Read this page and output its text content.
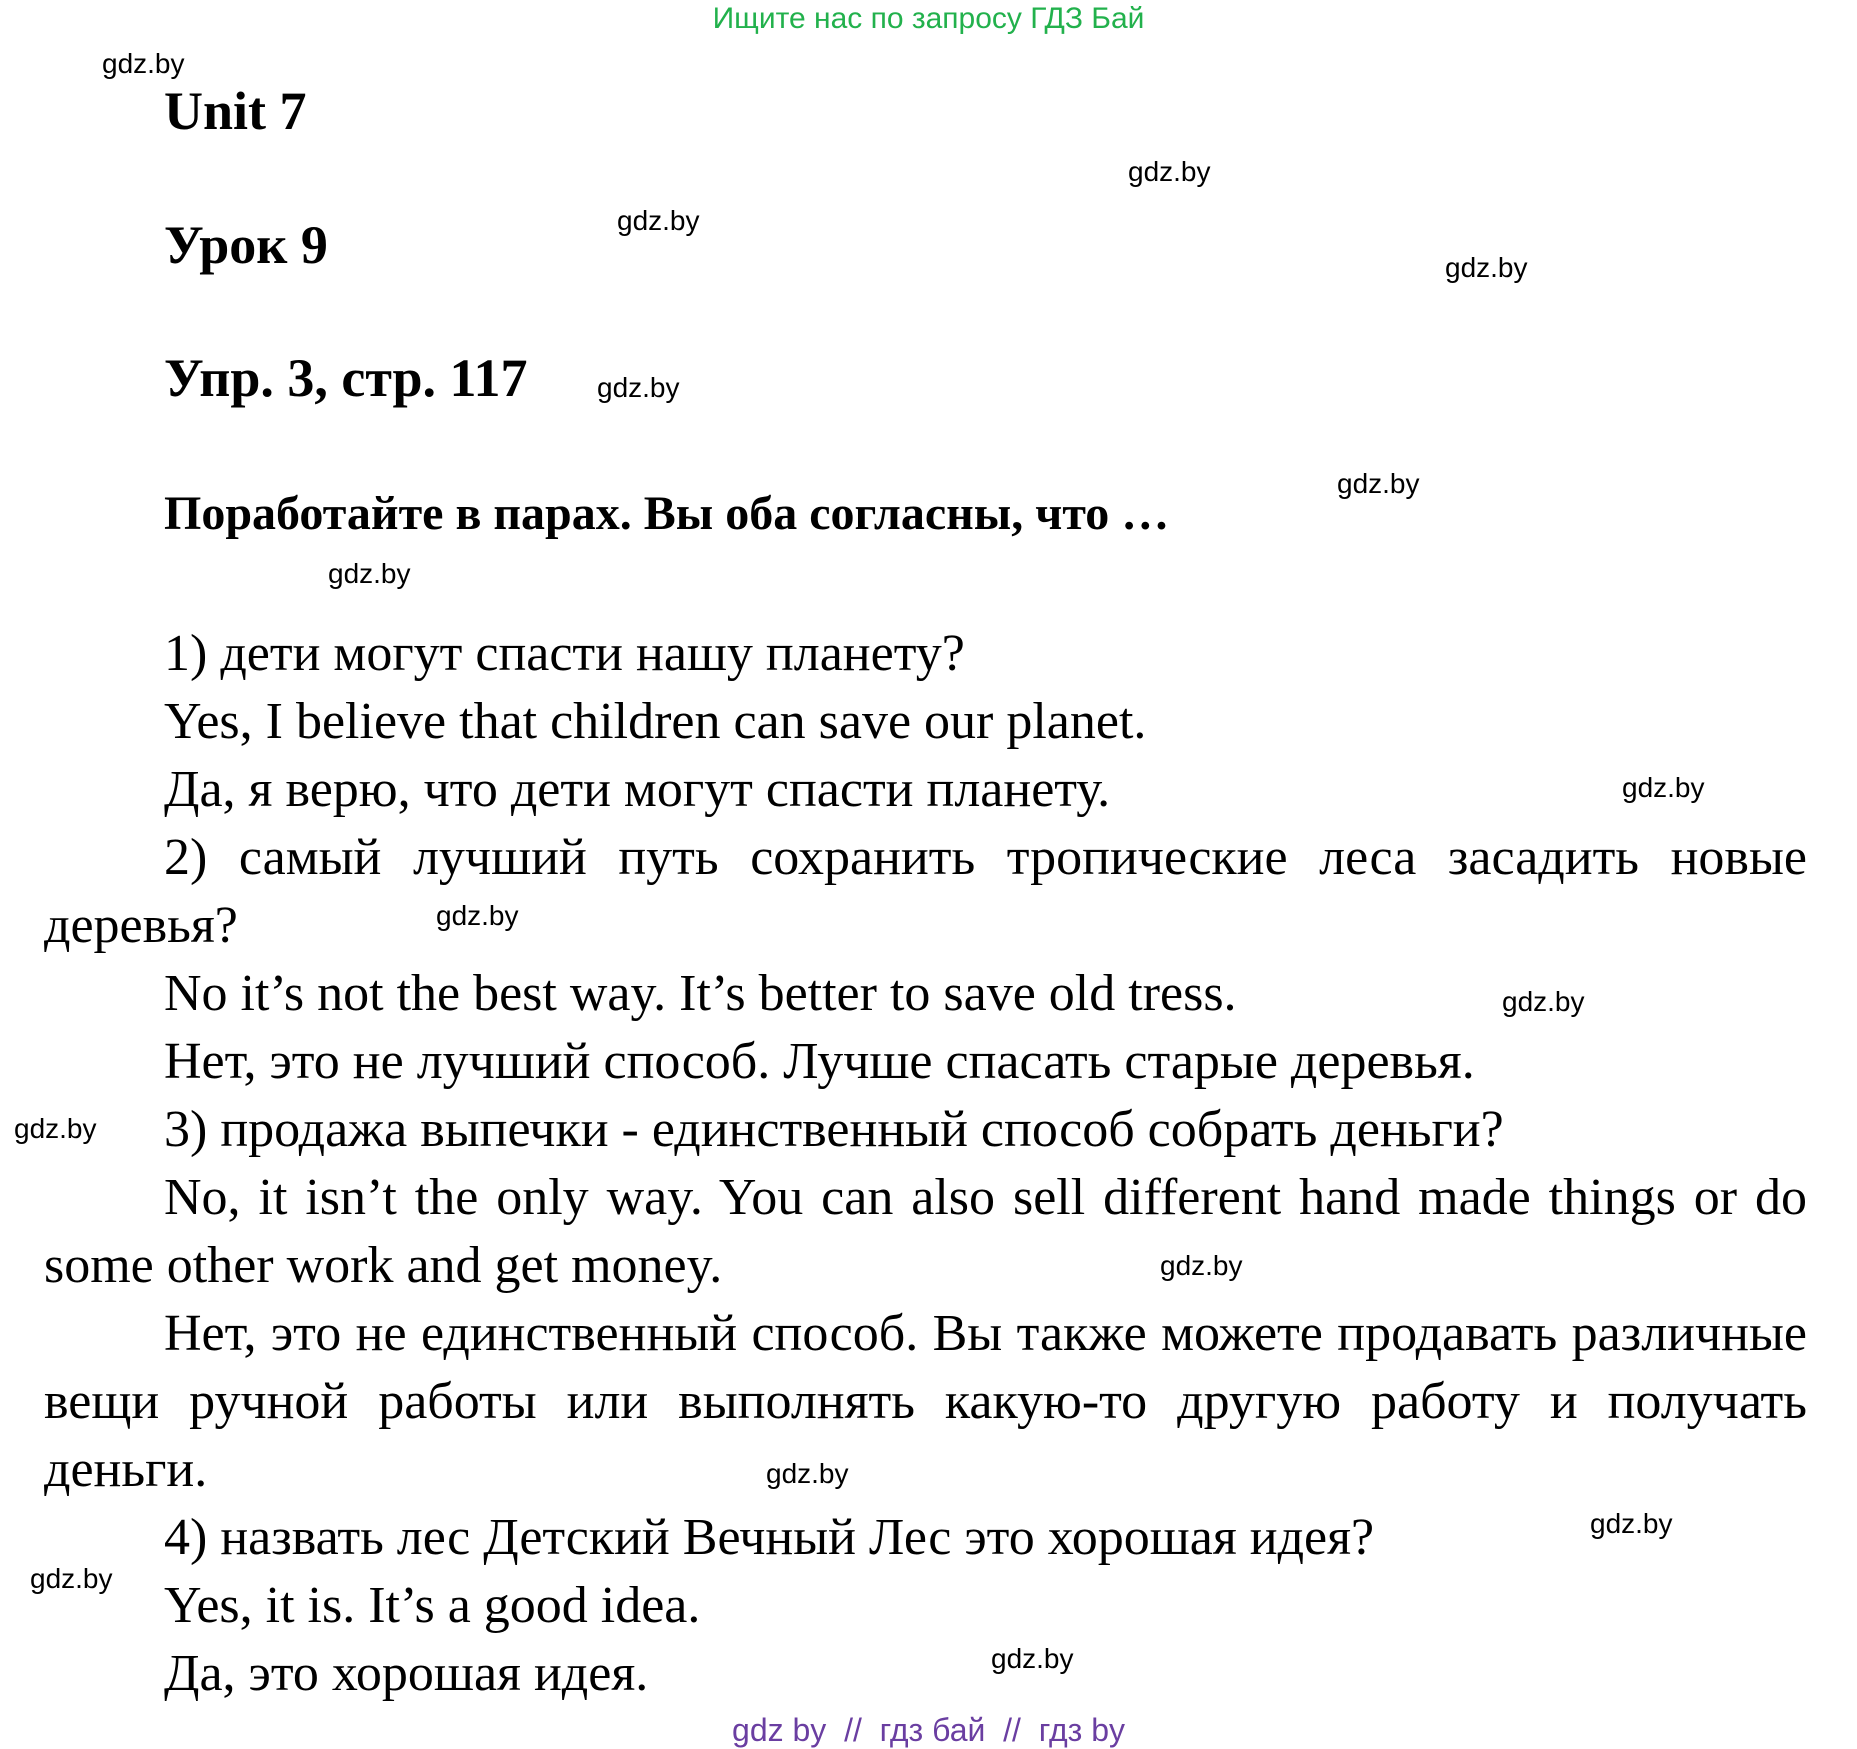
Ищите нас по запросу ГДЗ Бай
gdz.by
gdz.by
gdz.by
gdz.by
gdz.by
gdz.by
gdz.by
gdz.by
gdz.by
gdz.by
gdz.by
gdz.by
gdz.by
gdz.by
gdz.by
gdz.by
Unit 7
Урок 9
Упр. 3, стр. 117
Поработайте в парах. Вы оба согласны, что …
1) дети могут спасти нашу планету?
Yes, I believe that children can save our planet.
Да, я верю, что дети могут спасти планету.
2) самый лучший путь сохранить тропические леса засадить новые деревья?
No it’s not the best way. It’s better to save old tress.
Нет, это не лучший способ. Лучше спасать старые деревья.
3) продажа выпечки - единственный способ собрать деньги?
No, it isn’t the only way. You can also sell different hand made things or do some other work and get money.
Нет, это не единственный способ. Вы также можете продавать различные вещи ручной работы или выполнять какую-то другую работу и получать деньги.
4) назвать лес Детский Вечный Лес это хорошая идея?
Yes, it is. It’s a good idea.
Да, это хорошая идея.
gdz by  //  гдз бай  //  гдз by
